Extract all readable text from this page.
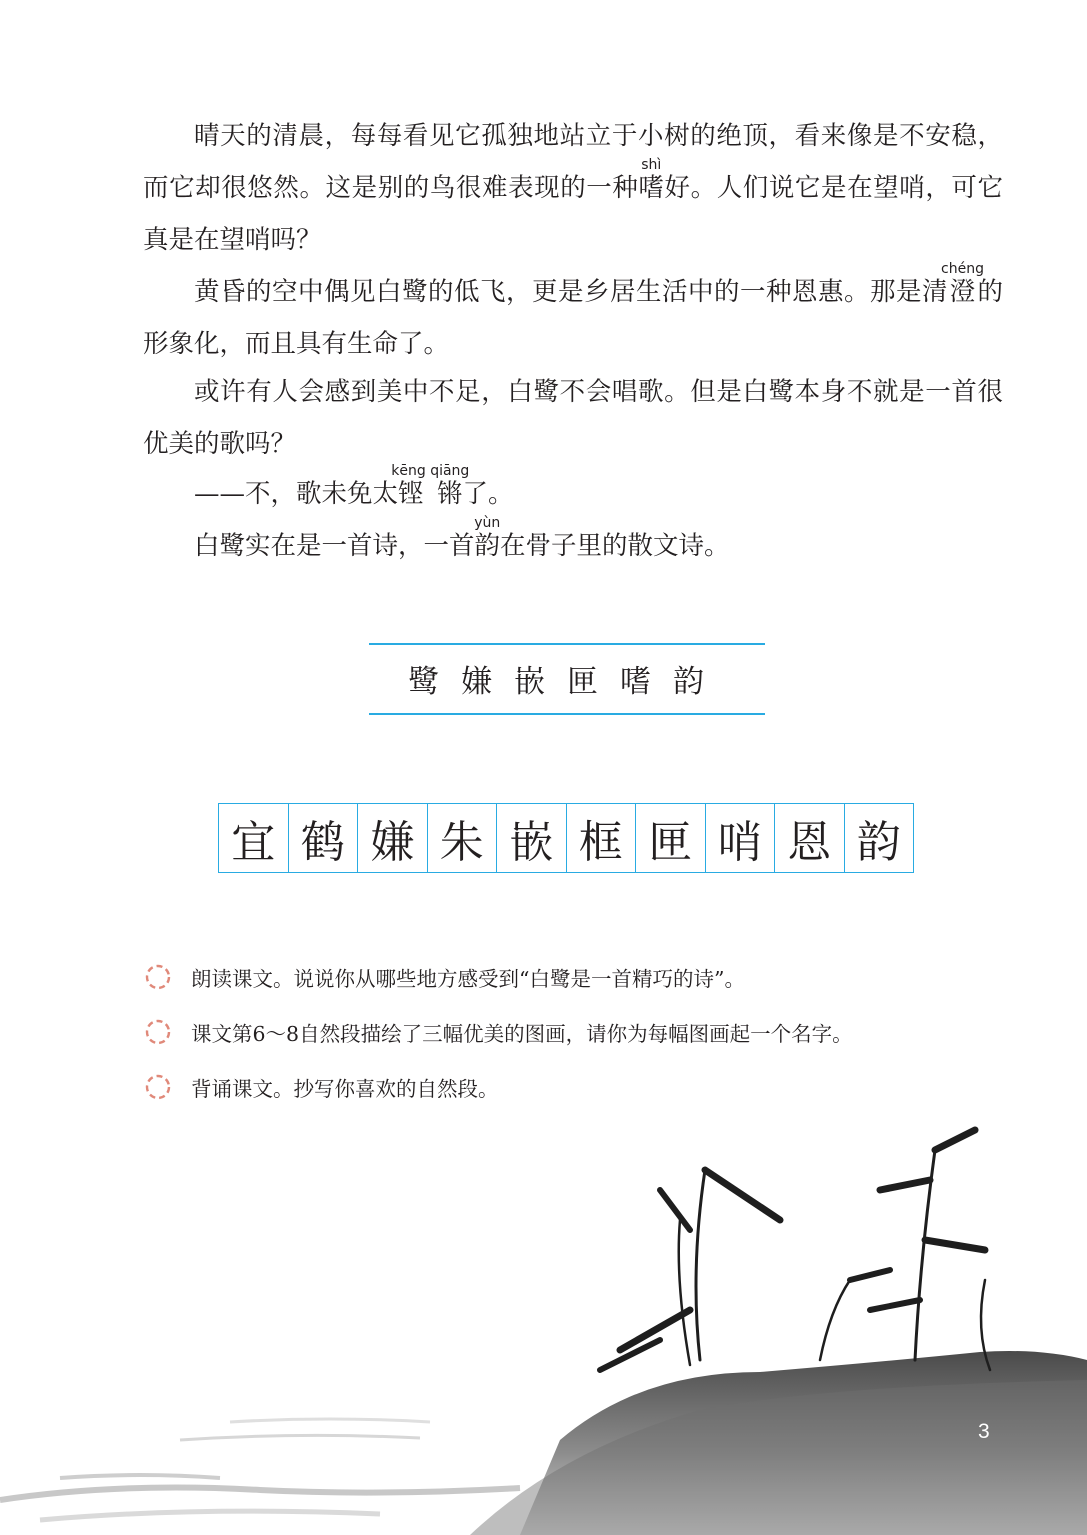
晴天的清晨，每每看见它孤独地站立于小树的绝顶，看来像是不安稳，而它却很悠然。这是别的鸟很难表现的一种嗜shì好。人们说它是在望哨，可它真是在望哨吗？

黄昏的空中偶见白鹭的低飞，更是乡居生活中的一种恩惠。那是清澄chéng的形象化，而且具有生命了。

或许有人会感到美中不足，白鹭不会唱歌。但是白鹭本身不就是一首很优美的歌吗？

——不，歌未免太铿锵kēng qiāng了。

白鹭实在是一首诗，一首韵yùn在骨子里的散文诗。

鹭嫌嵌匣嗜韵
宜 鹤 嫌 朱 嵌 框 匣 哨 恩 韵
朗读课文。说说你从哪些地方感受到“白鹭是一首精巧的诗”。
课文第6～8自然段描绘了三幅优美的图画，请你为每幅图画起一个名字。
背诵课文。抄写你喜欢的自然段。
3
